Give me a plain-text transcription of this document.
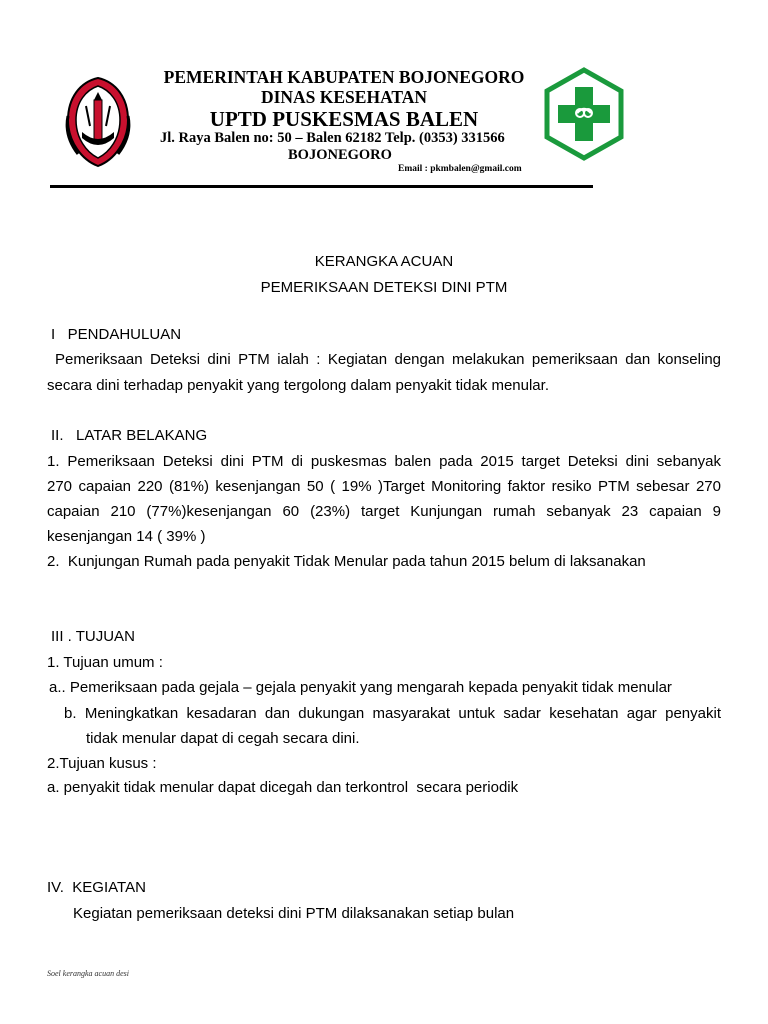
PEMERINTAH KABUPATEN BOJONEGORO
DINAS KESEHATAN
UPTD PUSKESMAS BALEN
Jl. Raya Balen no: 50 – Balen 62182 Telp. (0353) 331566
BOJONEGORO
Email : pkmbalen@gmail.com
KERANGKA ACUAN
PEMERIKSAAN DETEKSI DINI PTM
I   PENDAHULUAN
Pemeriksaan Deteksi dini PTM ialah : Kegiatan dengan melakukan pemeriksaan dan konseling
secara dini terhadap penyakit yang tergolong dalam penyakit tidak menular.
II.   LATAR BELAKANG
1. Pemeriksaan Deteksi dini PTM di puskesmas balen pada 2015 target Deteksi dini sebanyak
270 capaian 220 (81%) kesenjangan 50 ( 19% )Target Monitoring faktor resiko PTM sebesar 270
capaian 210 (77%)kesenjangan 60 (23%) target Kunjungan rumah sebanyak 23 capaian 9
kesenjangan 14 ( 39% )
2.  Kunjungan Rumah pada penyakit Tidak Menular pada tahun 2015 belum di laksanakan
III . TUJUAN
1. Tujuan umum :
a.. Pemeriksaan pada gejala – gejala penyakit yang mengarah kepada penyakit tidak menular
b. Meningkatkan kesadaran dan dukungan masyarakat untuk sadar kesehatan agar penyakit
tidak menular dapat di cegah secara dini.
2.Tujuan kusus :
a. penyakit tidak menular dapat dicegah dan terkontrol  secara periodik
IV.  KEGIATAN
Kegiatan pemeriksaan deteksi dini PTM dilaksanakan setiap bulan
Soel kerangka acuan desi
